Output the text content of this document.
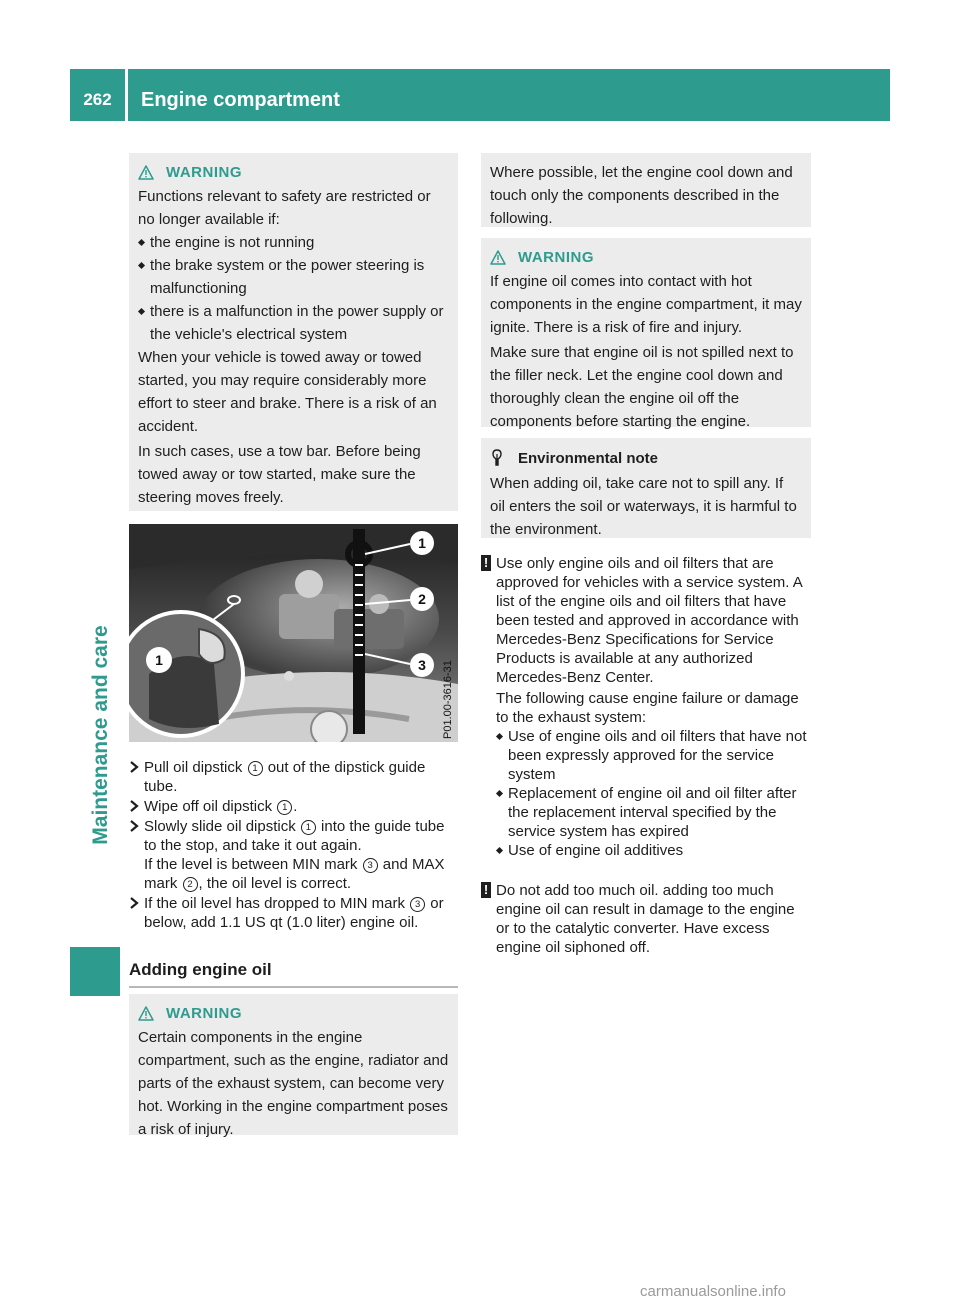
262	Engine compartment
Maintenance and care
WARNING

Functions relevant to safety are restricted or no longer available if:

the engine is not running
the brake system or the power steering is malfunctioning
there is a malfunction in the power supply or the vehicle's electrical system

When your vehicle is towed away or towed started, you may require considerably more effort to steer and brake. There is a risk of an accident.

In such cases, use a tow bar. Before being towed away or tow started, make sure the steering moves freely.

1
2
3
1
P01.00-3616-31
Pull oil dipstick 1 out of the dipstick guide tube.
Wipe off oil dipstick 1 .
Slowly slide oil dipstick 1 into the guide tube to the stop, and take it out again.
If the level is between MIN mark 3 and MAX mark 2 , the oil level is correct.
If the oil level has dropped to MIN mark 3 or below, add 1.1 US qt (1.0 liter) engine oil.
Adding engine oil
WARNING

Certain components in the engine compartment, such as the engine, radiator and parts of the exhaust system, can become very hot. Working in the engine compartment poses a risk of injury.

Where possible, let the engine cool down and touch only the components described in the following.

WARNING

If engine oil comes into contact with hot components in the engine compartment, it may ignite. There is a risk of fire and injury.

Make sure that engine oil is not spilled next to the filler neck. Let the engine cool down and thoroughly clean the engine oil off the components before starting the engine.

Environmental note

When adding oil, take care not to spill any. If oil enters the soil or waterways, it is harmful to the environment.

! Use only engine oils and oil filters that are approved for vehicles with a service system. A list of the engine oils and oil filters that have been tested and approved in accordance with Mercedes-Benz Specifications for Service Products is available at any authorized Mercedes-Benz Center.

The following cause engine failure or damage to the exhaust system:

Use of engine oils and oil filters that have not been expressly approved for the service system
Replacement of engine oil and oil filter after the replacement interval specified by the service system has expired
Use of engine oil additives
! Do not add too much oil. adding too much engine oil can result in damage to the engine or to the catalytic converter. Have excess engine oil siphoned off.

carmanualsonline.info
